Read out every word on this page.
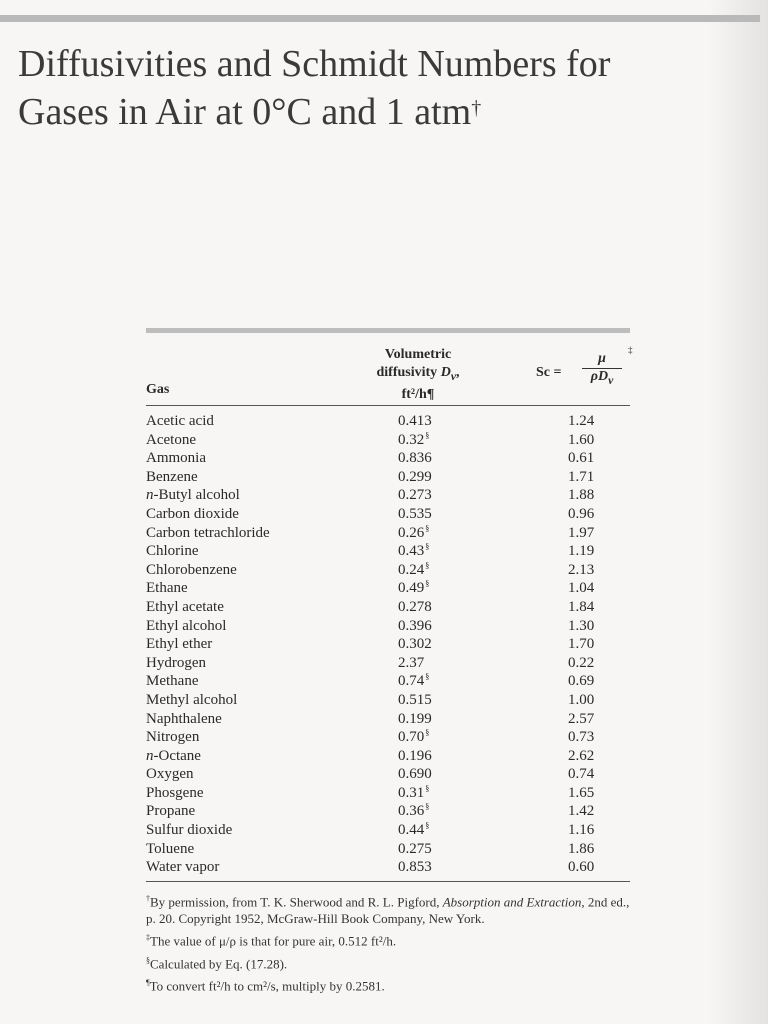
Diffusivities and Schmidt Numbers for
Gases in Air at 0°C and 1 atm†
Gas
Volumetric
diffusivity $D_v$,
ft²/h¶
Sc =
μ
$\rho D_v$
‡
Acetic acid	0.413	1.24
Acetone	0.32§	1.60
Ammonia	0.836	0.61
Benzene	0.299	1.71
n-Butyl alcohol	0.273	1.88
Carbon dioxide	0.535	0.96
Carbon tetrachloride	0.26§	1.97
Chlorine	0.43§	1.19
Chlorobenzene	0.24§	2.13
Ethane	0.49§	1.04
Ethyl acetate	0.278	1.84
Ethyl alcohol	0.396	1.30
Ethyl ether	0.302	1.70
Hydrogen	2.37	0.22
Methane	0.74§	0.69
Methyl alcohol	0.515	1.00
Naphthalene	0.199	2.57
Nitrogen	0.70§	0.73
n-Octane	0.196	2.62
Oxygen	0.690	0.74
Phosgene	0.31§	1.65
Propane	0.36§	1.42
Sulfur dioxide	0.44§	1.16
Toluene	0.275	1.86
Water vapor	0.853	0.60

†By permission, from T. K. Sherwood and R. L. Pigford, Absorption and Extraction, 2nd ed., p. 20. Copyright 1952, McGraw-Hill Book Company, New York.

‡The value of μ/ρ is that for pure air, 0.512 ft²/h.

§Calculated by Eq. (17.28).

¶To convert ft²/h to cm²/s, multiply by 0.2581.
